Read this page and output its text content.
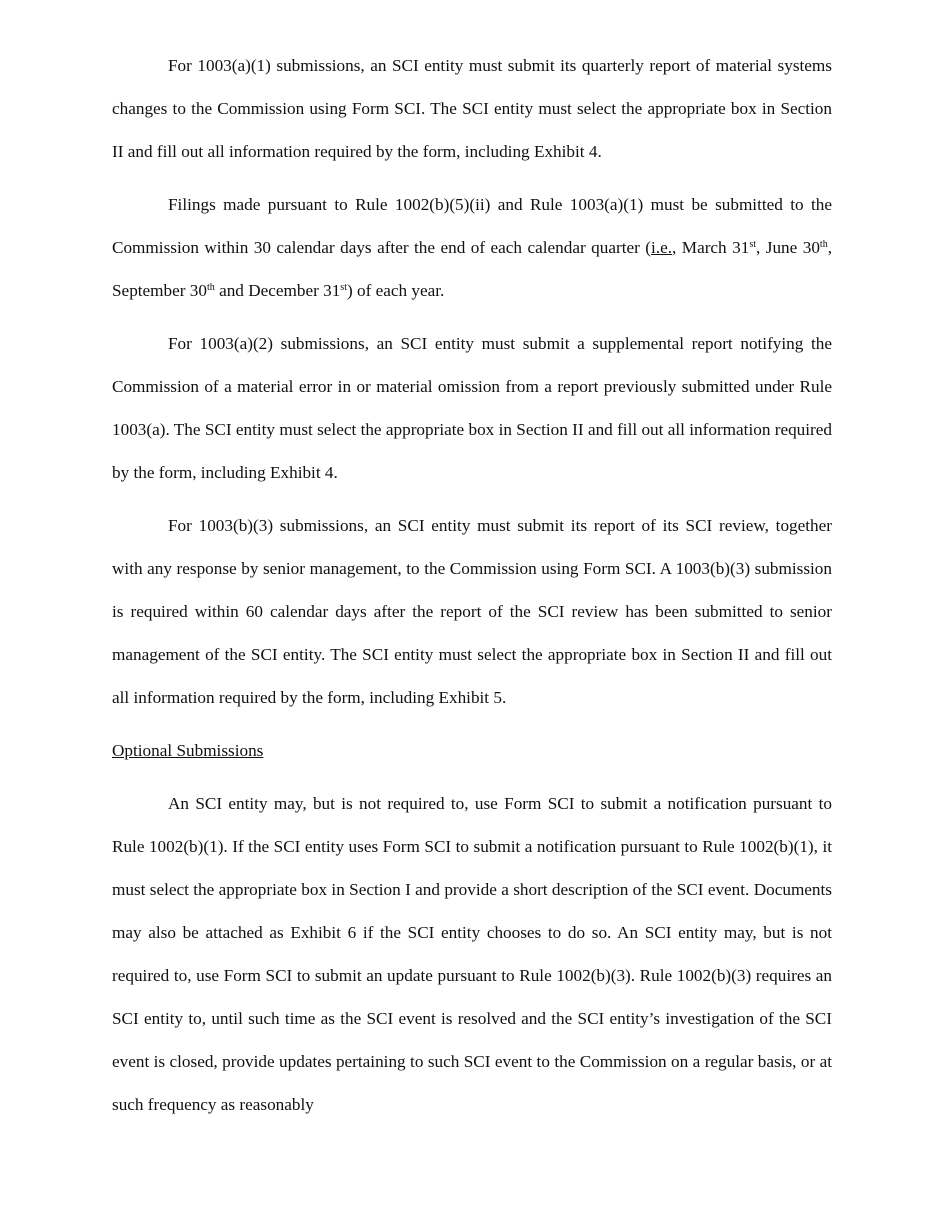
For 1003(a)(1) submissions, an SCI entity must submit its quarterly report of material systems changes to the Commission using Form SCI. The SCI entity must select the appropriate box in Section II and fill out all information required by the form, including Exhibit 4.

Filings made pursuant to Rule 1002(b)(5)(ii) and Rule 1003(a)(1) must be submitted to the Commission within 30 calendar days after the end of each calendar quarter (i.e., March 31st, June 30th, September 30th and December 31st) of each year.

For 1003(a)(2) submissions, an SCI entity must submit a supplemental report notifying the Commission of a material error in or material omission from a report previously submitted under Rule 1003(a). The SCI entity must select the appropriate box in Section II and fill out all information required by the form, including Exhibit 4.

For 1003(b)(3) submissions, an SCI entity must submit its report of its SCI review, together with any response by senior management, to the Commission using Form SCI. A 1003(b)(3) submission is required within 60 calendar days after the report of the SCI review has been submitted to senior management of the SCI entity. The SCI entity must select the appropriate box in Section II and fill out all information required by the form, including Exhibit 5.

Optional Submissions

An SCI entity may, but is not required to, use Form SCI to submit a notification pursuant to Rule 1002(b)(1). If the SCI entity uses Form SCI to submit a notification pursuant to Rule 1002(b)(1), it must select the appropriate box in Section I and provide a short description of the SCI event. Documents may also be attached as Exhibit 6 if the SCI entity chooses to do so. An SCI entity may, but is not required to, use Form SCI to submit an update pursuant to Rule 1002(b)(3). Rule 1002(b)(3) requires an SCI entity to, until such time as the SCI event is resolved and the SCI entity’s investigation of the SCI event is closed, provide updates pertaining to such SCI event to the Commission on a regular basis, or at such frequency as reasonably
